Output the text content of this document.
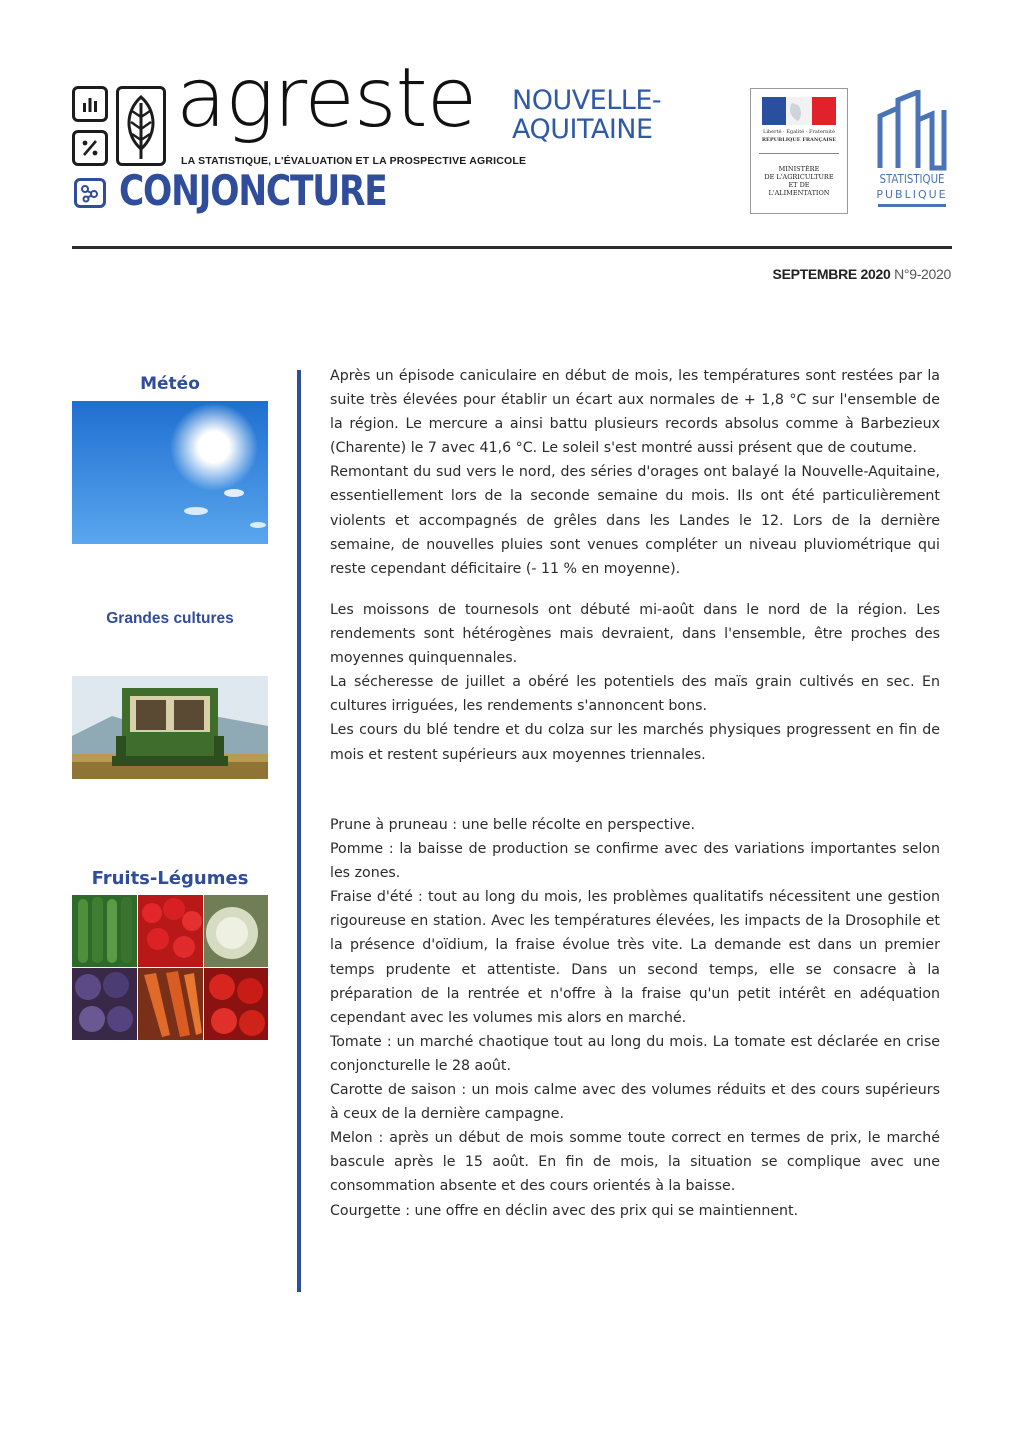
agreste
LA STATISTIQUE, L'ÉVALUATION ET LA PROSPECTIVE AGRICOLE
CONJONCTURE
NOUVELLE-
AQUITAINE	Liberté · Égalité · Fraternité
RÉPUBLIQUE FRANÇAISE
MINISTÈRE
DE L'AGRICULTURE
ET DE
L'ALIMENTATION
STATISTIQUE
PUBLIQUE
SEPTEMBRE 2020 N°9-2020
Météo
Grandes cultures
Fruits-Légumes

Après un épisode caniculaire en début de mois, les températures sont restées par la suite très élevées pour établir un écart aux normales de + 1,8 °C sur l'ensemble de la région. Le mercure a ainsi battu plusieurs records absolus comme à Barbezieux (Charente) le 7 avec 41,6 °C. Le soleil s'est montré aussi présent que de coutume.

Remontant du sud vers le nord, des séries d'orages ont balayé la Nouvelle-Aquitaine, essentiellement lors de la seconde semaine du mois. Ils ont été particulièrement violents et accompagnés de grêles dans les Landes le 12. Lors de la dernière semaine, de nouvelles pluies sont venues compléter un niveau pluviométrique qui reste cependant déficitaire (- 11 % en moyenne).

Les moissons de tournesols ont débuté mi-août dans le nord de la région. Les rendements sont hétérogènes mais devraient, dans l'ensemble, être proches des moyennes quinquennales.

La sécheresse de juillet a obéré les potentiels des maïs grain cultivés en sec. En cultures irriguées, les rendements s'annoncent bons.

Les cours du blé tendre et du colza sur les marchés physiques progressent en fin de mois et restent supérieurs aux moyennes triennales.

Prune à pruneau : une belle récolte en perspective.

Pomme : la baisse de production se confirme avec des variations importantes selon les zones.

Fraise d'été : tout au long du mois, les problèmes qualitatifs nécessitent une gestion rigoureuse en station. Avec les températures élevées, les impacts de la Drosophile et la présence d'oïdium, la fraise évolue très vite. La demande est dans un premier temps prudente et attentiste. Dans un second temps, elle se consacre à la préparation de la rentrée et n'offre à la fraise qu'un petit intérêt en adéquation cependant avec les volumes mis alors en marché.

Tomate : un marché chaotique tout au long du mois. La tomate est déclarée en crise conjoncturelle le 28 août.

Carotte de saison : un mois calme avec des volumes réduits et des cours supérieurs à ceux de la dernière campagne.

Melon : après un début de mois somme toute correct en termes de prix, le marché bascule après le 15 août. En fin de mois, la situation se complique avec une consommation absente et des cours orientés à la baisse.

Courgette : une offre en déclin avec des prix qui se maintiennent.
